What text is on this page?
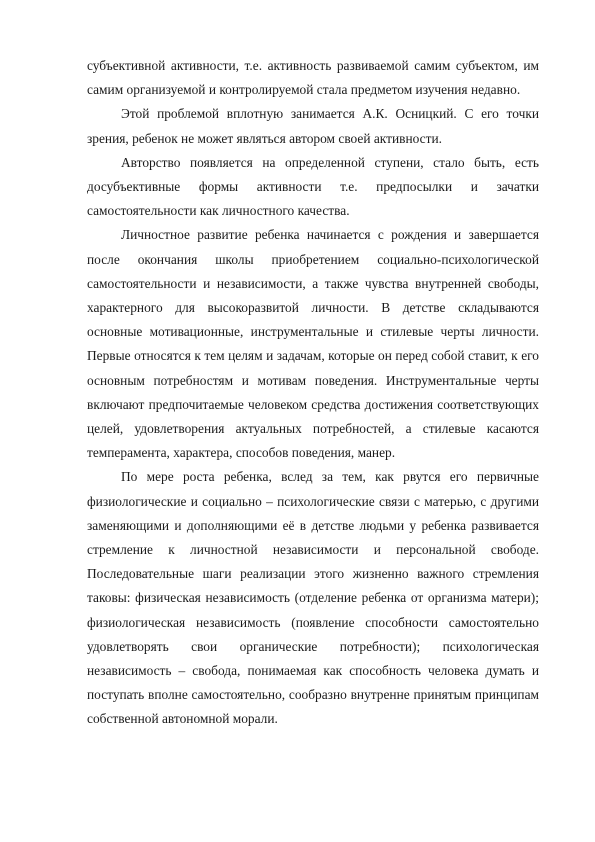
субъективной активности, т.е. активность развиваемой самим субъектом, им самим организуемой и контролируемой стала предметом изучения недавно.

Этой проблемой вплотную занимается А.К. Осницкий. С его точки зрения, ребенок не может являться автором своей активности.

Авторство появляется на определенной ступени, стало быть, есть досубъективные формы активности т.е. предпосылки и зачатки самостоятельности как личностного качества.

Личностное развитие ребенка начинается с рождения и завершается после окончания школы приобретением социально-психологической самостоятельности и независимости, а также чувства внутренней свободы, характерного для высокоразвитой личности. В детстве складываются основные мотивационные, инструментальные и стилевые черты личности. Первые относятся к тем целям и задачам, которые он перед собой ставит, к его основным потребностям и мотивам поведения. Инструментальные черты включают предпочитаемые человеком средства достижения соответствующих целей, удовлетворения актуальных потребностей, а стилевые касаются темперамента, характера, способов поведения, манер.

По мере роста ребенка, вслед за тем, как рвутся его первичные физиологические и социально – психологические связи с матерью, с другими заменяющими и дополняющими её в детстве людьми у ребенка развивается стремление к личностной независимости и персональной свободе. Последовательные шаги реализации этого жизненно важного стремления таковы: физическая независимость (отделение ребенка от организма матери); физиологическая независимость (появление способности самостоятельно удовлетворять свои органические потребности); психологическая независимость – свобода, понимаемая как способность человека думать и поступать вполне самостоятельно, сообразно внутренне принятым принципам собственной автономной морали.
